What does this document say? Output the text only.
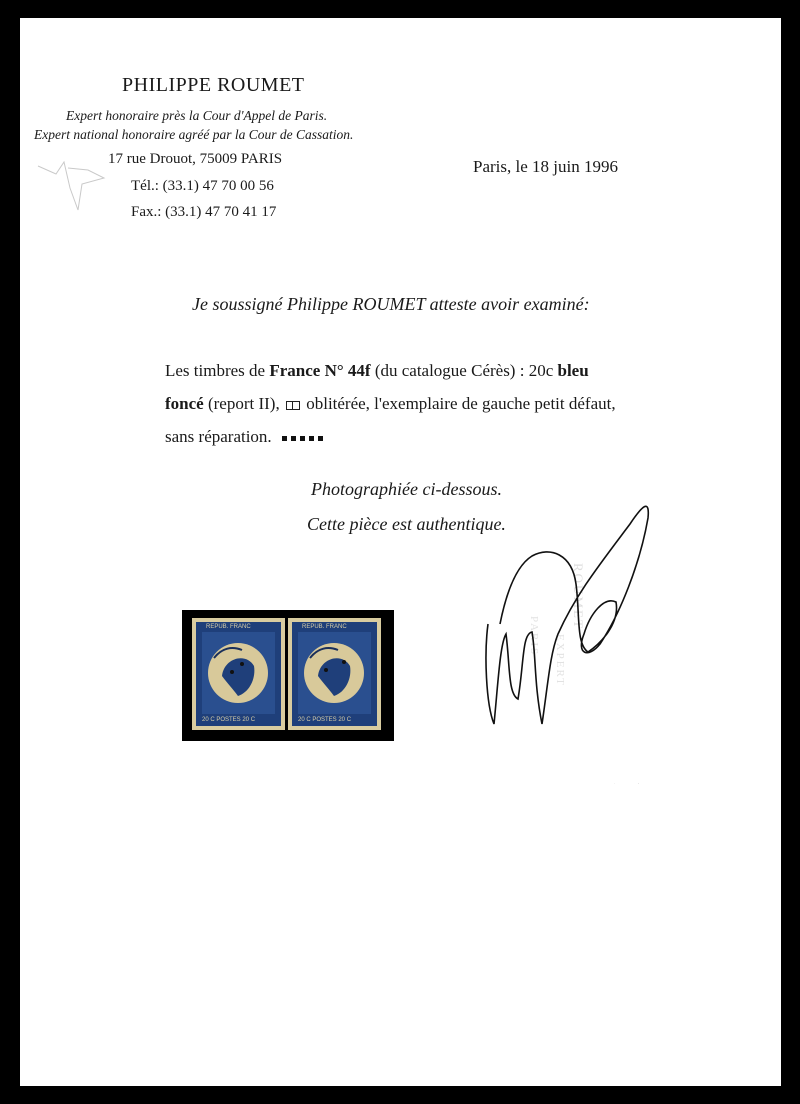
PHILIPPE ROUMET
Expert honoraire près la Cour d'Appel de Paris.
Expert national honoraire agréé par la Cour de Cassation.
17 rue Drouot, 75009 PARIS
Tél.: (33.1) 47 70 00 56
Fax.: (33.1) 47 70 41 17
Paris, le 18 juin 1996
Je soussigné Philippe ROUMET atteste avoir examiné:
Les timbres de France N° 44f (du catalogue Cérès) : 20c bleu
foncé (report II),  oblitérée, l'exemplaire de gauche petit défaut,
sans réparation.
Photographiée ci-dessous.
Cette pièce est authentique.
ROUMET
PARIS EXPERT
REPUB. FRANC
20 C POSTES 20 C
REPUB. FRANC
20 C POSTES 20 C
